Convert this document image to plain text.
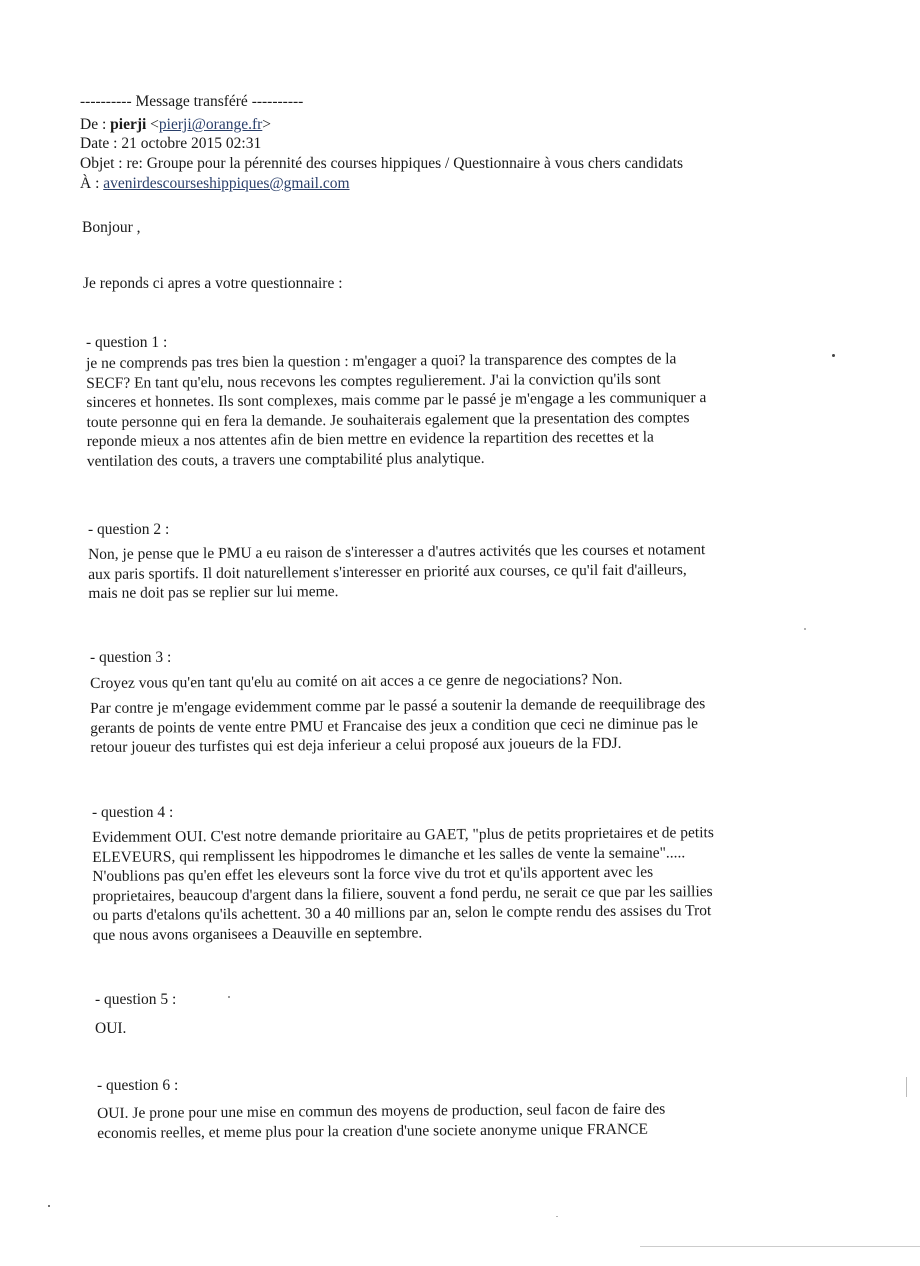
---------- Message transféré ----------

De : pierji <pierji@orange.fr>

Date : 21 octobre 2015 02:31

Objet : re: Groupe pour la pérennité des courses hippiques / Questionnaire à vous chers candidats

À : avenirdescourseshippiques@gmail.com

Bonjour ,

Je reponds ci apres a votre questionnaire :

- question 1 :

je ne comprends pas tres bien la question : m'engager a quoi? la transparence des comptes de la
SECF? En tant qu'elu, nous recevons les comptes regulierement. J'ai la conviction qu'ils sont
sinceres et honnetes. Ils sont complexes, mais comme par le passé je m'engage a les communiquer a
toute personne qui en fera la demande. Je souhaiterais egalement que la presentation des comptes
reponde mieux a nos attentes afin de bien mettre en evidence la repartition des recettes et la
ventilation des couts, a travers une comptabilité plus analytique.

- question 2 :

Non, je pense que le PMU a eu raison de s'interesser a d'autres activités que les courses et notament
aux paris sportifs. Il doit naturellement s'interesser en priorité aux courses, ce qu'il fait d'ailleurs,
mais ne doit pas se replier sur lui meme.

- question 3 :

Croyez vous qu'en tant qu'elu au comité on ait acces a ce genre de negociations? Non.
Par contre je m'engage evidemment comme par le passé a soutenir la demande de reequilibrage des
gerants de points de vente entre PMU et Francaise des jeux a condition que ceci ne diminue pas le
retour joueur des turfistes qui est deja inferieur a celui proposé aux joueurs de la FDJ.

- question 4 :

Evidemment OUI. C'est notre demande prioritaire au GAET, "plus de petits proprietaires et de petits
ELEVEURS, qui remplissent les hippodromes le dimanche et les salles de vente la semaine".....
N'oublions pas qu'en effet les eleveurs sont la force vive du trot et qu'ils apportent avec les
proprietaires, beaucoup d'argent dans la filiere, souvent a fond perdu, ne serait ce que par les saillies
ou parts d'etalons qu'ils achettent. 30 a 40 millions par an, selon le compte rendu des assises du Trot
que nous avons organisees a Deauville en septembre.

- question 5 :

OUI.

- question 6 :

OUI. Je prone pour une mise en commun des moyens de production, seul facon de faire des
economis reelles, et meme plus pour la creation d'une societe anonyme unique FRANCE
